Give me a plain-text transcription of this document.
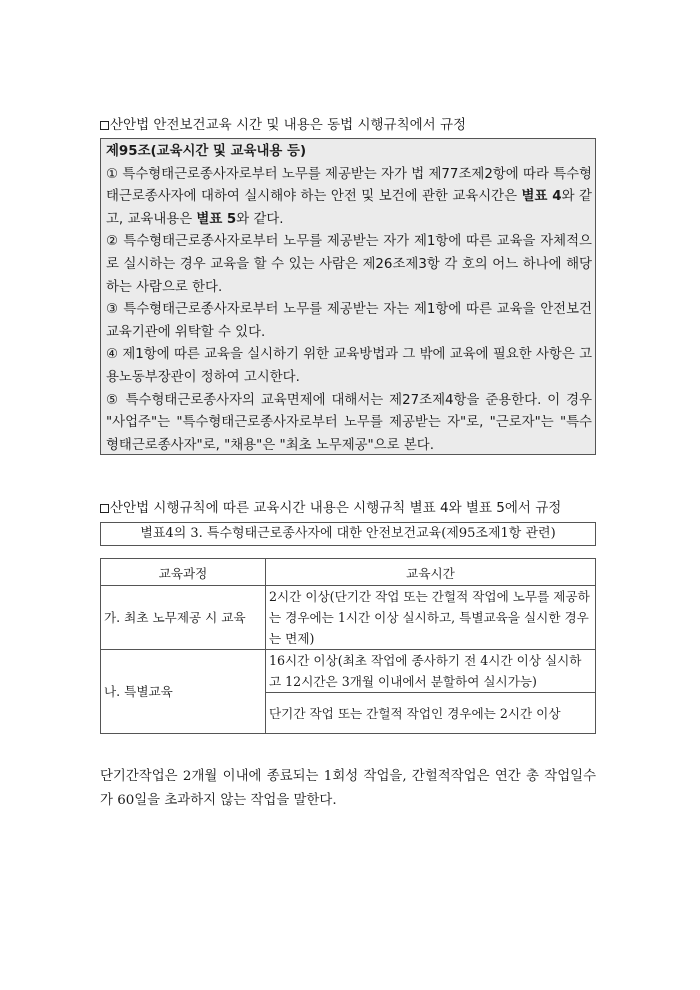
산안법 안전보건교육 시간 및 내용은 동법 시행규칙에서 규정
제95조(교육시간 및 교육내용 등)

① 특수형태근로종사자로부터 노무를 제공받는 자가 법 제77조제2항에 따라 특수형태근로종사자에 대하여 실시해야 하는 안전 및 보건에 관한 교육시간은 별표 4와 같고, 교육내용은 별표 5와 같다.

② 특수형태근로종사자로부터 노무를 제공받는 자가 제1항에 따른 교육을 자체적으로 실시하는 경우 교육을 할 수 있는 사람은 제26조제3항 각 호의 어느 하나에 해당하는 사람으로 한다.

③ 특수형태근로종사자로부터 노무를 제공받는 자는 제1항에 따른 교육을 안전보건교육기관에 위탁할 수 있다.

④ 제1항에 따른 교육을 실시하기 위한 교육방법과 그 밖에 교육에 필요한 사항은 고용노동부장관이 정하여 고시한다.

⑤ 특수형태근로종사자의 교육면제에 대해서는 제27조제4항을 준용한다. 이 경우 "사업주"는 "특수형태근로종사자로부터 노무를 제공받는 자"로, "근로자"는 "특수형태근로종사자"로, "채용"은 "최초 노무제공"으로 본다.

산안법 시행규칙에 따른 교육시간 내용은 시행규칙 별표 4와 별표 5에서 규정
별표4의 3. 특수형태근로종사자에 대한 안전보건교육(제95조제1항 관련)
교육과정	교육시간
가. 최초 노무제공 시 교육	2시간 이상(단기간 작업 또는 간헐적 작업에 노무를 제공하는 경우에는 1시간 이상 실시하고, 특별교육을 실시한 경우는 면제)
나. 특별교육	16시간 이상(최초 작업에 종사하기 전 4시간 이상 실시하고 12시간은 3개월 이내에서 분할하여 실시가능)
	단기간 작업 또는 간헐적 작업인 경우에는 2시간 이상
단기간작업은 2개월 이내에 종료되는 1회성 작업을, 간헐적작업은 연간 총 작업일수가 60일을 초과하지 않는 작업을 말한다.
